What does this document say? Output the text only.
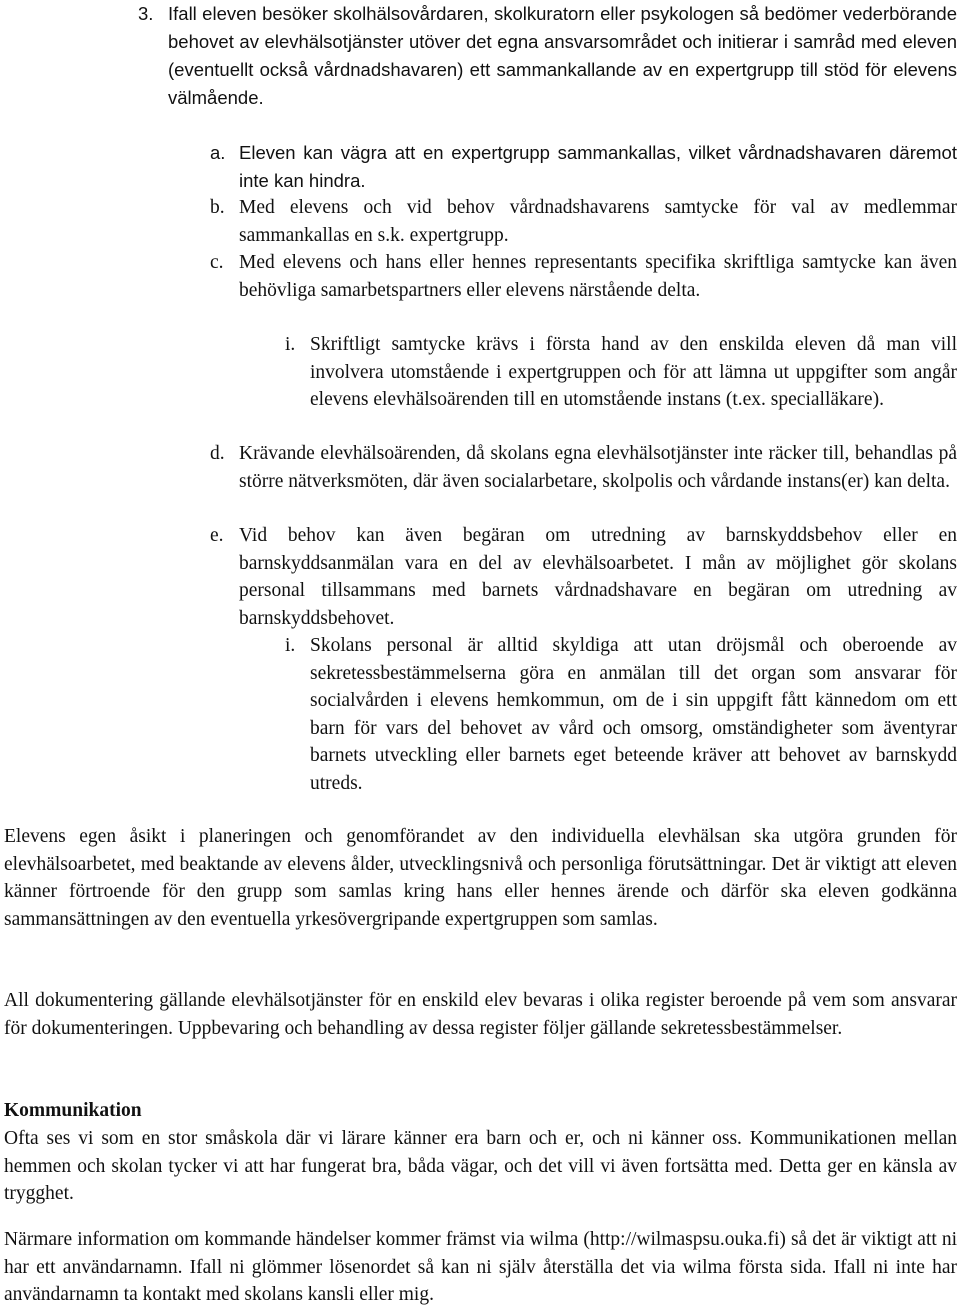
3. Ifall eleven besöker skolhälsovårdaren, skolkuratorn eller psykologen så bedömer vederbörande behovet av elevhälsotjänster utöver det egna ansvarsområdet och initierar i samråd med eleven (eventuellt också vårdnadshavaren) ett sammankallande av en expertgrupp till stöd för elevens välmående.
a. Eleven kan vägra att en expertgrupp sammankallas, vilket vårdnadshavaren däremot inte kan hindra.
b. Med elevens och vid behov vårdnadshavarens samtycke för val av medlemmar sammankallas en s.k. expertgrupp.
c. Med elevens och hans eller hennes representants specifika skriftliga samtycke kan även behövliga samarbetspartners eller elevens närstående delta.
i. Skriftligt samtycke krävs i första hand av den enskilda eleven då man vill involvera utomstående i expertgruppen och för att lämna ut uppgifter som angår elevens elevhälsoärenden till en utomstående instans (t.ex. specialläkare).
d. Krävande elevhälsoärenden, då skolans egna elevhälsotjänster inte räcker till, behandlas på större nätverksmöten, där även socialarbetare, skolpolis och vårdande instans(er) kan delta.
e. Vid behov kan även begäran om utredning av barnskyddsbehov eller en barnskyddsanmälan vara en del av elevhälsoarbetet. I mån av möjlighet gör skolans personal tillsammans med barnets vårdnadshavare en begäran om utredning av barnskyddsbehovet.
i. Skolans personal är alltid skyldiga att utan dröjsmål och oberoende av sekretessbestämmelserna göra en anmälan till det organ som ansvarar för socialvården i elevens hemkommun, om de i sin uppgift fått kännedom om ett barn för vars del behovet av vård och omsorg, omständigheter som äventyrar barnets utveckling eller barnets eget beteende kräver att behovet av barnskydd utreds.

Elevens egen åsikt i planeringen och genomförandet av den individuella elevhälsan ska utgöra grunden för elevhälsoarbetet, med beaktande av elevens ålder, utvecklingsnivå och personliga förutsättningar. Det är viktigt att eleven känner förtroende för den grupp som samlas kring hans eller hennes ärende och därför ska eleven godkänna sammansättningen av den eventuella yrkesövergripande expertgruppen som samlas.

All dokumentering gällande elevhälsotjänster för en enskild elev bevaras i olika register beroende på vem som ansvarar för dokumenteringen. Uppbevaring och behandling av dessa register följer gällande sekretessbestämmelser.

Kommunikation

Ofta ses vi som en stor småskola där vi lärare känner era barn och er, och ni känner oss. Kommunikationen mellan hemmen och skolan tycker vi att har fungerat bra, båda vägar, och det vill vi även fortsätta med. Detta ger en känsla av trygghet.

Närmare information om kommande händelser kommer främst via wilma (http://wilmaspsu.ouka.fi) så det är viktigt att ni har ett användarnamn. Ifall ni glömmer lösenordet så kan ni själv återställa det via wilma första sida. Ifall ni inte har användarnamn ta kontakt med skolans kansli eller mig.
